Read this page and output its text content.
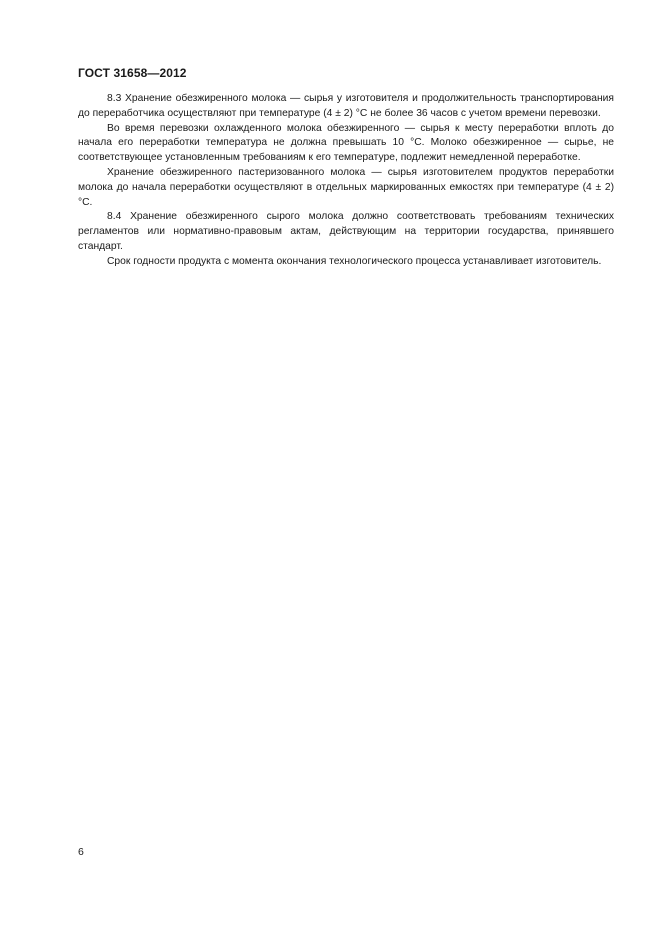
ГОСТ 31658—2012

8.3 Хранение обезжиренного молока — сырья у изготовителя и продолжительность транспортирования до переработчика осуществляют при температуре (4 ± 2) °С не более 36 часов с учетом времени перевозки.

Во время перевозки охлажденного молока обезжиренного — сырья к месту переработки вплоть до начала его переработки температура не должна превышать 10 °С. Молоко обезжиренное — сырье, не соответствующее установленным требованиям к его температуре, подлежит немедленной переработке.

Хранение обезжиренного пастеризованного молока — сырья изготовителем продуктов переработки молока до начала переработки осуществляют в отдельных маркированных емкостях при температуре (4 ± 2) °С.

8.4 Хранение обезжиренного сырого молока должно соответствовать требованиям технических регламентов или нормативно-правовым актам, действующим на территории государства, принявшего стандарт.

Срок годности продукта с момента окончания технологического процесса устанавливает изготовитель.

6
